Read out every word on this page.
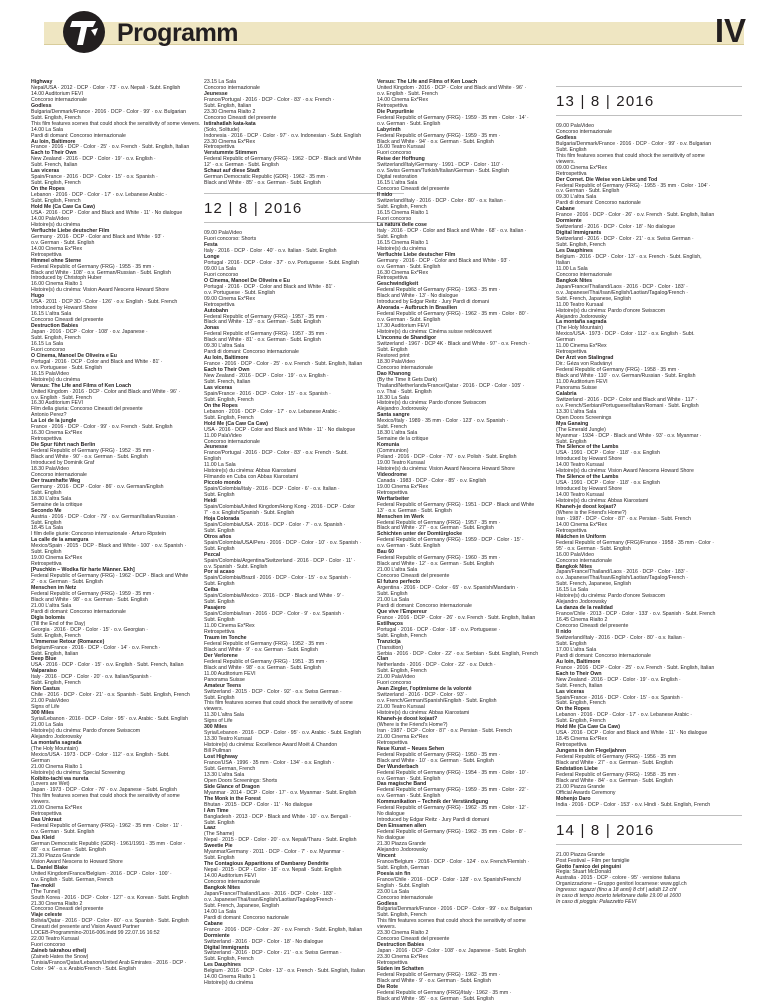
Programm	IV
Highway
Nepal/USA · 2012 · DCP · Color · 73' · o.v. Nepali · Subt. English
14.00 Auditorium FEVI
Concorso internazionale
Godless
Bulgaria/Denmark/France · 2016 · DCP · Color · 99' · o.v. Bulgarian
Subt. English, French
This film features scenes that could shock the sensitivity of some viewers.
14.00 La Sala
Pardi di domani: Concorso internazionale
Au loin, Baltimore
France · 2016 · DCP · Color · 25' · o.v. French · Subt. English, Italian
Each to Their Own
New Zealand · 2016 · DCP · Color · 19' · o.v. English ·
Subt. French, Italian
Las viceras
Spain/France · 2016 · DCP · Color · 15' · o.v. Spanish ·
Subt. English, French
On the Ropes
Lebanon · 2016 · DCP · Color · 17' · o.v. Lebanese Arabic ·
Subt. English, French
Hold Me (Ca Caw Ca Caw)
USA · 2016 · DCP · Color and Black and White · 11' · No dialogue
14.00 PalaVideo
Histoire(s) du cinéma
Verfluchte Liebe deutscher Film
Germany · 2016 · DCP · Color and Black and White · 93' ·
o.v. German · Subt. English
14.00 Cinema Ex*Rex
Retrospettiva
Himmel ohne Sterne
Federal Republic of Germany (FRG) · 1955 · 35 mm ·
Black and White · 108' · o.v. German/Russian · Subt. English
Introduced by Christoph Huber
16.00 Cinema Rialto 1
Histoire(s) du cinéma: Vision Award Nescens Howard Shore
Hugo
USA · 2011 · DCP 3D · Color · 126' · o.v. English · Subt. French
Introduced by Howard Shore
16.15 L'altra Sala
Concorso Cineasti del presente
Destruction Babies
Japan · 2016 · DCP · Color · 108' · o.v. Japanese ·
Subt. English, French
16.15 La Sala
Fuori concorso
O Cinema, Manoel De Oliveira e Eu
Portugal · 2016 · DCP · Color and Black and White · 81' ·
o.v. Portuguese · Subt. English
16.15 PalaVideo
Histoire(s) du cinéma
Versus: The Life and Films of Ken Loach
United Kingdom · 2016 · DCP · Color and Black and White · 96' ·
o.v. English · Subt. French
16.30 Auditorium FEVI
Film della giuria: Concorso Cineasti del presente
Antonio Perez?
La Loi de la jungle
France · 2016 · DCP · Color · 99' · o.v. French · Subt. English
16.30 Cinema Ex*Rex
Retrospettiva
Die Spur führt nach Berlin
Federal Republic of Germany (FRG) · 1952 · 35 mm ·
Black and White · 90' · o.v. German · Subt. English
Introduced by Dominik Graf
18.30 PalaVideo
Concorso internazionale
Der traumhafte Weg
Germany · 2016 · DCP · Color · 86' · o.v. German/English
Subt. English
18.30 L'altra Sala
Semaine de la critique
Secondo Me
Austria · 2016 · DCP · Color · 79' · o.v. German/Italian/Russian ·
Subt. English
18.45 La Sala
I film delle giurie: Concorso internazionale · Arturo Ripstein
La calle de la amargura
Mexico/Spain · 2015 · DCP · Black and White · 100' · o.v. Spanish ·
Subt. English
19.00 Cinema Ex*Rex
Retrospettiva
[Puschkin – Wodka für harte Männer. Ekh]
Federal Republic of Germany (FRG) · 1962 · DCP · Black and White
2' · o.v. German · Subt. English
Menschen im Netz
Federal Republic of Germany (FRG) · 1959 · 35 mm ·
Black and White · 98' · o.v. German · Subt. English
21.00 L'altra Sala
Pardi di domani: Concorso internazionale
Digis bolomis
(Till the End of the Day)
Georgia · 2016 · DCP · Color · 15' · o.v. Georgian ·
Subt. English, French
L'Immense Retour (Romance)
Belgium/France · 2016 · DCP · Color · 14' · o.v. French ·
Subt. English, Italian
Deep Blue
USA · 2016 · DCP · Color · 15' · o.v. English · Subt. French, Italian
Valparaiso
Italy · 2016 · DCP · Color · 20' · o.v. Italian/Spanish ·
Subt. English, French
Non Castus
Chile · 2016 · DCP · Color · 21' · o.v. Spanish · Subt. English, French
21.00 PalaVideo
Signs of Life
300 Miles
Syria/Lebanon · 2016 · DCP · Color · 95' · o.v. Arabic · Subt. English
21.00 La Sala
Histoire(s) du cinéma: Pardo d'onore Swisscom
Alejandro Jodorowsky
La montaña sagrada
(The Holy Mountain)
Mexico/USA · 1973 · DCP · Color · 112' · o.v. English · Subt.
German
21.00 Cinema Rialto 1
Histoire(s) du cinéma: Special Screening
Koibito-tachi wa nureta
(Lovers are Wet)
Japan · 1973 · DCP · Color · 76' · o.v. Japanese · Subt. English
This film features scenes that could shock the sensitivity of some
viewers.
21.00 Cinema Ex*Rex
Retrospettiva
Das Unkraut
Federal Republic of Germany (FRG) · 1962 · 35 mm · Color · 11' ·
o.v. German · Subt. English
Das Kleid
German Democratic Republic (GDR) · 1961/1991 · 35 mm · Color ·
88' · o.v. German · Subt. English
21.30 Piazza Grande
Vision Award Nescens to Howard Shore
L. Daniel Blake
United Kingdom/France/Belgium · 2016 · DCP · Color · 100' ·
o.v. English · Subt. German, French
Tae-mokil
(The Tunnel)
South Korea · 2016 · DCP · Color · 127' · o.v. Korean · Subt. English
21.30 Cinema Rialto 2
Concorso Cineasti del presente
Viaje celeste
Bolivia/Qatar · 2016 · DCP · Color · 80' · o.v. Spanish · Subt. English
Cineasti del presente and Vision Award Partner
LOCEB-Programmino-2016-006.indd 99 22.07.16 16:52
22.00 Teatro Kursaal
Fuori concorso
Zaineb takrahou ethelj
(Zaineb Hates the Snow)
Tunisia/France/Qatar/Lebanon/United Arab Emirates · 2016 · DCP ·
Color · 94' · o.v. Arabic/French · Subt. English
23.15 La Sala
Concorso internazionale
Jeunesse
France/Portugal · 2016 · DCP · Color · 83' · o.v. French ·
Subt. English, Italian
23.30 Cinema Rialto 2
Concorso Cineasti del presente
Istirahatlah kata-kata
(Solo, Solitude)
Indonesia · 2016 · DCP · Color · 97' · o.v. Indonesian · Subt. English
23.30 Cinema Ex*Rex
Retrospettiva
Verstummte Stimmen
Federal Republic of Germany (FRG) · 1962 · DCP · Black and White
12' · o.v. German · Subt. English
Schaut auf diese Stadt
German Democratic Republic (GDR) · 1962 · 35 mm ·
Black and White · 85' · o.v. German · Subt. English
12 | 8 | 2016
09.00 PalaVideo
Fuori concorso: Shorts
Festa
Italy · 2016 · DCP · Color · 40' · o.v. Italian · Subt. English
Longe
Portugal · 2016 · DCP · Color · 37' · o.v. Portuguese · Subt. English
09.00 La Sala
Fuori concorso
O Cinema, Manoel De Oliveira e Eu
Portugal · 2016 · DCP · Color and Black and White · 81' ·
o.v. Portuguese · Subt. English
09.00 Cinema Ex*Rex
Retrospettiva
Autobahn
Federal Republic of Germany (FRG) · 1957 · 35 mm ·
Black and White · 13' · o.v. German · Subt. English
Jonas
Federal Republic of Germany (FRG) · 1957 · 35 mm ·
Black and White · 81' · o.v. German · Subt. English
09.30 L'altra Sala
Pardi di domani: Concorso internazionale
Au loin, Baltimore
France · 2016 · DCP · Color · 25' · o.v. French · Subt. English, Italian
Each to Their Own
New Zealand · 2016 · DCP · Color · 19' · o.v. English ·
Subt. French, Italian
Las viceras
Spain/France · 2016 · DCP · Color · 15' · o.v. Spanish ·
Subt. English, French
On the Ropes
Lebanon · 2016 · DCP · Color · 17' · o.v. Lebanese Arabic ·
Subt. English, French
Hold Me (Ca Caw Ca Caw)
USA · 2016 · DCP · Color and Black and White · 11' · No dialogue
11.00 PalaVideo
Concorso internazionale
Jeunesse
France/Portugal · 2016 · DCP · Color · 83' · o.v. French · Subt.
English
11.00 La Sala
Histoire(s) du cinéma: Abbas Kiarostami
Filmando en Cuba con Abbas Kiarostami
Piccolo mondo
Spain/Colombia/Italy · 2016 · DCP · Color · 6' · o.v. Italian ·
Subt. English
Heidi
Spain/Colombia/United Kingdom/Hong Kong · 2016 · DCP · Color
7' · o.v. English/Spanish · Subt. English
Hoja Colorada
Spain/Colombia/USA · 2016 · DCP · Color · 7' · o.v. Spanish ·
Subt. English
Otros años
Spain/Colombia/USA/Peru · 2016 · DCP · Color · 10' · o.v. Spanish ·
Subt. English
Pezcal
Spain/Colombia/Argentina/Switzerland · 2016 · DCP · Color · 11' ·
o.v. Spanish · Subt. English
Por si acaso
Spain/Colombia/Brazil · 2016 · DCP · Color · 15' · o.v. Spanish ·
Subt. English
Ceiba
Spain/Colombia/Mexico · 2016 · DCP · Black and White · 9' ·
Subt. English
Pasajero
Spain/Colombia/Iran · 2016 · DCP · Color · 9' · o.v. Spanish ·
Subt. English
11.00 Cinema Ex*Rex
Retrospettiva
Traum im Tonche
Federal Republic of Germany (FRG) · 1952 · 35 mm ·
Black and White · 9' · o.v. German · Subt. English
Der Verlorene
Federal Republic of Germany (FRG) · 1951 · 35 mm ·
Black and White · 98' · o.v. German · Subt. English
11.00 Auditorium FEVI
Panorama Suisse
Amateur Teens
Switzerland · 2015 · DCP · Color · 92' · o.v. Swiss German ·
Subt. English
This film features scenes that could shock the sensitivity of some
viewers.
11.30 L'altra Sala
Signs of Life
300 Miles
Syria/Lebanon · 2016 · DCP · Color · 95' · o.v. Arabic · Subt. English
13.30 Teatro Kursaal
Histoire(s) du cinéma: Excellence Award Moët & Chandon
Bill Pullman
Lost Highway
France/USA · 1996 · 35 mm · Color · 134' · o.v. English ·
Subt. German, French
13.30 L'altra Sala
Open Doors Screenings: Shorts
Side Glance of Dragon
Myanmar · 2014 · DCP · Color · 17' · o.v. Myanmar · Subt. English
The Monk in the Forest
Bhutan · 2015 · DCP · Color · 11' · No dialogue
I Am Time
Bangladesh · 2013 · DCP · Black and White · 10' · o.v. Bengali ·
Subt. English
Laaz
(The Shame)
Nepal · 2015 · DCP · Color · 20' · o.v. Nepali/Tharu · Subt. English
Sweetie Pie
Myanmar/Germany · 2011 · DCP · Color · 7' · o.v. Myanmar ·
Subt. English
The Contagious Apparitions of Dambarey Dendrite
Nepal · 2015 · DCP · Color · 18' · o.v. Nepali · Subt. English
14.00 Auditorium FEVI
Concorso internazionale
Bangkok Nites
Japan/France/Thailand/Laos · 2016 · DCP · Color · 183' ·
o.v. Japanese/Thai/Isan/English/Laotian/Tagalog/French ·
Subt. French, Japanese, English
14.00 La Sala
Pardi di domani: Concorso nazionale
Cabane
France · 2016 · DCP · Color · 26' · o.v. French · Subt. English, Italian
Dormiente
Switzerland · 2016 · DCP · Color · 18' · No dialogue
Digital Immigrants
Switzerland · 2016 · DCP · Color · 21' · o.v. Swiss German ·
Subt. English, French
Les Dauphines
Belgium · 2016 · DCP · Color · 13' · o.v. French · Subt. English, Italian
14.00 Cinema Rialto 1
Histoire(s) du cinéma
Versus: The Life and Films of Ken Loach
United Kingdom · 2016 · DCP · Color and Black and White · 96' ·
o.v. English · Subt. French
14.00 Cinema Ex*Rex
Retrospettiva
Die Purpurlinie
Federal Republic of Germany (FRG) · 1959 · 35 mm · Color · 14' ·
o.v. German · Subt. English
Labyrinth
Federal Republic of Germany (FRG) · 1959 · 35 mm ·
Black and White · 94' · o.v. German · Subt. English
16.00 Teatro Kursaal
Fuori concorso
Reise der Hoffnung
Switzerland/Italy/Germany · 1991 · DCP · Color · 110' ·
o.v. Swiss German/Turkish/Italian/German · Subt. English
Digital restoration
16.15 L'altra Sala
Concorso Cineasti del presente
Il nido
Switzerland/Italy · 2016 · DCP · Color · 80' · o.v. Italian ·
Subt. English, French
16.15 Cinema Rialto 1
Fuori concorso
La natura delle cose
Italy · 2016 · DCP · Color and Black and White · 68' · o.v. Italian ·
Subt. English
16.15 Cinema Rialto 1
Histoire(s) du cinéma
Verfluchte Liebe deutscher Film
Germany · 2016 · DCP · Color and Black and White · 93' ·
o.v. German · Subt. English
16.30 Cinema Ex*Rex
Retrospettiva
Geschwindigkeit
Federal Republic of Germany (FRG) · 1963 · 35 mm ·
Black and White · 13' · No dialogue
Introduced by Edgar Reitz · Jury Pardi di domani
Alvorada – Aufbruch in Brasilien
Federal Republic of Germany (FRG) · 1962 · 35 mm · Color · 80' ·
o.v. German · Subt. English
17.30 Auditorium FEVI
Histoire(s) du cinéma: Cinéma suisse redécouvert
L'inconnu de Shandigor
Switzerland · 1967 · DCP 4K · Black and White · 97' · o.v. French ·
Subt. English
Restored print
18.30 PalaVideo
Concorso internazionale
Dao Khanong
(By the Time It Gets Dark)
Thailand/Netherlands/France/Qatar · 2016 · DCP · Color · 105' ·
o.v. Thai · Subt. English
18.30 La Sala
Histoire(s) du cinéma: Pardo d'onore Swisscom
Alejandro Jodorowsky
Santa sangre
Mexico/Italy · 1989 · 35 mm · Color · 123' · o.v. Spanish ·
Subt. French
18.30 L'altra Sala
Semaine de la critique
Komunia
(Communion)
Poland · 2016 · DCP · Color · 70' · o.v. Polish · Subt. English
19.00 Teatro Kursaal
Histoire(s) du cinéma: Vision Award Nescens Howard Shore
Videodrome
Canada · 1983 · DCP · Color · 85' · o.v. English
19.00 Cinema Ex*Rex
Retrospettiva
Werftarbeiter
Federal Republic of Germany (FRG) · 1951 · DCP · Black and White
13' · o.v. German · Subt. English
Menschen im Werk
Federal Republic of Germany (FRG) · 1957 · 35 mm ·
Black and White · 27' · o.v. German · Subt. English
Schichten unter der Domtürglocke
Federal Republic of Germany (FRG) · 1959 · DCP · Color · 15' ·
o.v. German · Subt. English
Bau 60
Federal Republic of Germany (FRG) · 1960 · 35 mm ·
Black and White · 12' · o.v. German · Subt. English
21.00 L'altra Sala
Concorso Cineasti del presente
El futuro perfecto
Argentina · 2016 · DCP · Color · 65' · o.v. Spanish/Mandarin ·
Subt. English
21.00 La Sala
Pardi di domani: Concorso internazionale
Que vive l'Empereur
France · 2016 · DCP · Color · 26' · o.v. French · Subt. English, Italian
Estilhaços
Portugal · 2016 · DCP · Color · 18' · o.v. Portuguese ·
Subt. English, French
Tranzicija
(Transition)
Serbia · 2016 · DCP · Color · 22' · o.v. Serbian · Subt. English, French
Clan
Netherlands · 2016 · DCP · Color · 22' · o.v. Dutch ·
Subt. English, French
21.00 PalaVideo
Fuori concorso
Jean Ziegler, l'optimisme de la volonté
Switzerland · 2016 · DCP · Color · 93' ·
o.v. French/German/Spanish/English · Subt. English
21.00 Teatro Kursaal
Histoire(s) du cinéma: Abbas Kiarostami
Khaneh-je doost kojast?
(Where is the Friend's Home?)
Iran · 1987 · DCP · Color · 87' · o.v. Persian · Subt. French
21.00 Cinema Ex*Rex
Retrospettiva
Neue Kunst – Neues Sehen
Federal Republic of Germany (FRG) · 1950 · 35 mm ·
Black and White · 10' · o.v. German · Subt. English
Der Wunderbach
Federal Republic of Germany (FRG) · 1954 · 35 mm · Color · 10' ·
o.v. German · Subt. English
Das magische Band
Federal Republic of Germany (FRG) · 1959 · 35 mm · Color · 22' ·
o.v. German · Subt. English
Kommunikation – Technik der Verständigung
Federal Republic of Germany (FRG) · 1962 · 35 mm · Color · 12' ·
No dialogue
Introduced by Edgar Reitz · Jury Pardi di domani
Den Einsamen allen
Federal Republic of Germany (FRG) · 1962 · 35 mm · Color · 8' ·
No dialogue
21.30 Piazza Grande
Alejandro Jodorowsky
Vincent
France/Belgium · 2016 · DCP · Color · 124' · o.v. French/Flemish ·
Subt. English, German
Poesía sin fin
France/Chile · 2016 · DCP · Color · 128' · o.v. Spanish/French/
English · Subt. English
23.00 La Sala
Concorso internazionale
Godless
Bulgaria/Denmark/France · 2016 · DCP · Color · 99' · o.v. Bulgarian
Subt. English, French
This film features scenes that could shock the sensitivity of some
viewers.
23.30 Cinema Rialto 2
Concorso Cineasti del presente
Destruction Babies
Japan · 2016 · DCP · Color · 108' · o.v. Japanese · Subt. English
23.30 Cinema Ex*Rex
Retrospettiva
Süden im Schatten
Federal Republic of Germany (FRG) · 1962 · 35 mm ·
Black and White · 9' · o.v. German · Subt. English
Die Rote
Federal Republic of Germany (FRG)/Italy · 1962 · 35 mm ·
Black and White · 95' · o.v. German · Subt. English
13 | 8 | 2016
09.00 PalaVideo
Concorso internazionale
Godless
Bulgaria/Denmark/France · 2016 · DCP · Color · 99' · o.v. Bulgarian
Subt. English
This film features scenes that could shock the sensitivity of some
viewers.
09.00 Cinema Ex*Rex
Retrospettiva
Der Cornet. Die Weise von Liebe und Tod
Federal Republic of Germany (FRG) · 1955 · 35 mm · Color · 104' ·
o.v. German · Subt. English
09.30 L'altra Sala
Pardi di domani: Concorso nazionale
Cabane
France · 2016 · DCP · Color · 26' · o.v. French · Subt. English, Italian
Dormiente
Switzerland · 2016 · DCP · Color · 18' · No dialogue
Digital Immigrants
Switzerland · 2016 · DCP · Color · 21' · o.v. Swiss German ·
Subt. English, French
Les Dauphines
Belgium · 2016 · DCP · Color · 13' · o.v. French · Subt. English,
Italian
11.00 La Sala
Concorso internazionale
Bangkok Nites
Japan/France/Thailand/Laos · 2016 · DCP · Color · 183' ·
o.v. Japanese/Thai/Isan/English/Laotian/Tagalog/French ·
Subt. French, Japanese, English
11.00 Teatro Kursaal
Histoire(s) du cinéma: Pardo d'onore Swisscom
Alejandro Jodorowsky
La montaña sagrada
(The Holy Mountain)
Mexico/USA · 1973 · DCP · Color · 112' · o.v. English · Subt.
German
11.00 Cinema Ex*Rex
Retrospettiva
Der Arzt von Stalingrad
Dir.: Géza von Radványi
Federal Republic of Germany (FRG) · 1958 · 35 mm ·
Black and White · 110' · o.v. German/Russian · Subt. English
11.00 Auditorium FEVI
Panorama Suisse
Calabria
Switzerland · 2016 · DCP · Color and Black and White · 117' ·
o.v. French/Serbian/Portuguese/Italian/Romani · Subt. English
13.30 L'altra Sala
Open Doors Screenings
Mya Ganaing
(The Emerald Jungle)
Myanmar · 1934 · DCP · Black and White · 93' · o.v. Myanmar ·
Subt. English
The Silence of the Lambs
USA · 1991 · DCP · Color · 118' · o.v. English
Introduced by Howard Shore
14.00 Teatro Kursaal
Histoire(s) du cinéma: Vision Award Nescens Howard Shore
The Silence of the Lambs
USA · 1991 · DCP · Color · 118' · o.v. English
Introduced by Howard Shore
14.00 Teatro Kursaal
Histoire(s) du cinéma: Abbas Kiarostami
Khaneh-je doost kojast?
(Where is the Friend's Home?)
Iran · 1987 · DCP · Color · 87' · o.v. Persian · Subt. French
14.00 Cinema Ex*Rex
Retrospettiva
Mädchen in Uniform
Federal Republic of Germany (FRG)/France · 1958 · 35 mm · Color ·
95' · o.v. German · Subt. English
16.00 PalaVideo
Concorso internazionale
Bangkok Nites
Japan/France/Thailand/Laos · 2016 · DCP · Color · 183' ·
o.v. Japanese/Thai/Isan/English/Laotian/Tagalog/French ·
Subt. French, Japanese, English
16.15 La Sala
Histoire(s) du cinéma: Pardo d'onore Swisscom
Alejandro Jodorowsky
La danza de la realidad
France/Chile · 2013 · DCP · Color · 133' · o.v. Spanish · Subt. French
16.45 Cinema Rialto 2
Concorso Cineasti del presente
Il nido
Switzerland/Italy · 2016 · DCP · Color · 80' · o.v. Italian ·
Subt. English
17.00 L'altra Sala
Pardi di domani: Concorso internazionale
Au loin, Baltimore
France · 2016 · DCP · Color · 25' · o.v. French · Subt. English, Italian
Each to Their Own
New Zealand · 2016 · DCP · Color · 19' · o.v. English ·
Subt. French, Italian
Las viceras
Spain/France · 2016 · DCP · Color · 15' · o.v. Spanish ·
Subt. English, French
On the Ropes
Lebanon · 2016 · DCP · Color · 17' · o.v. Lebanese Arabic ·
Subt. English, French
Hold Me (Ca Caw Ca Caw)
USA · 2016 · DCP · Color and Black and White · 11' · No dialogue
18.45 Cinema Ex*Rex
Retrospettiva
Jungens in den Flegeljahren
Federal Republic of Germany (FRG) · 1956 · 35 mm
Black and White · 27' · o.v. German · Subt. English
Endstation Liebe
Federal Republic of Germany (FRG) · 1958 · 35 mm ·
Black and White · 84' · o.v. German · Subt. English
21.00 Piazza Grande
Official Awards Ceremony
Mohenjo Daro
India · 2016 · DCP · Color · 153' · o.v. Hindi · Subt. English, French
14 | 8 | 2016
21.00 Piazza Grande
Post Festival – Film per famiglie
Giotto l'amico dei pinguini
Regia: Stuart McDonald
Australia · 2015 · DCP · colore · 95' · versione italiana
Organizzazione – Gruppo genitori locarnese: www.ggl.ch
Ingresso: ragazzi (fino a 18 anni) 8 chf | adulti 12 chf
In caso di tempo incerto telefonare dalle 19.00 al 1600
In caso di pioggia: Palazzetto FEVI
